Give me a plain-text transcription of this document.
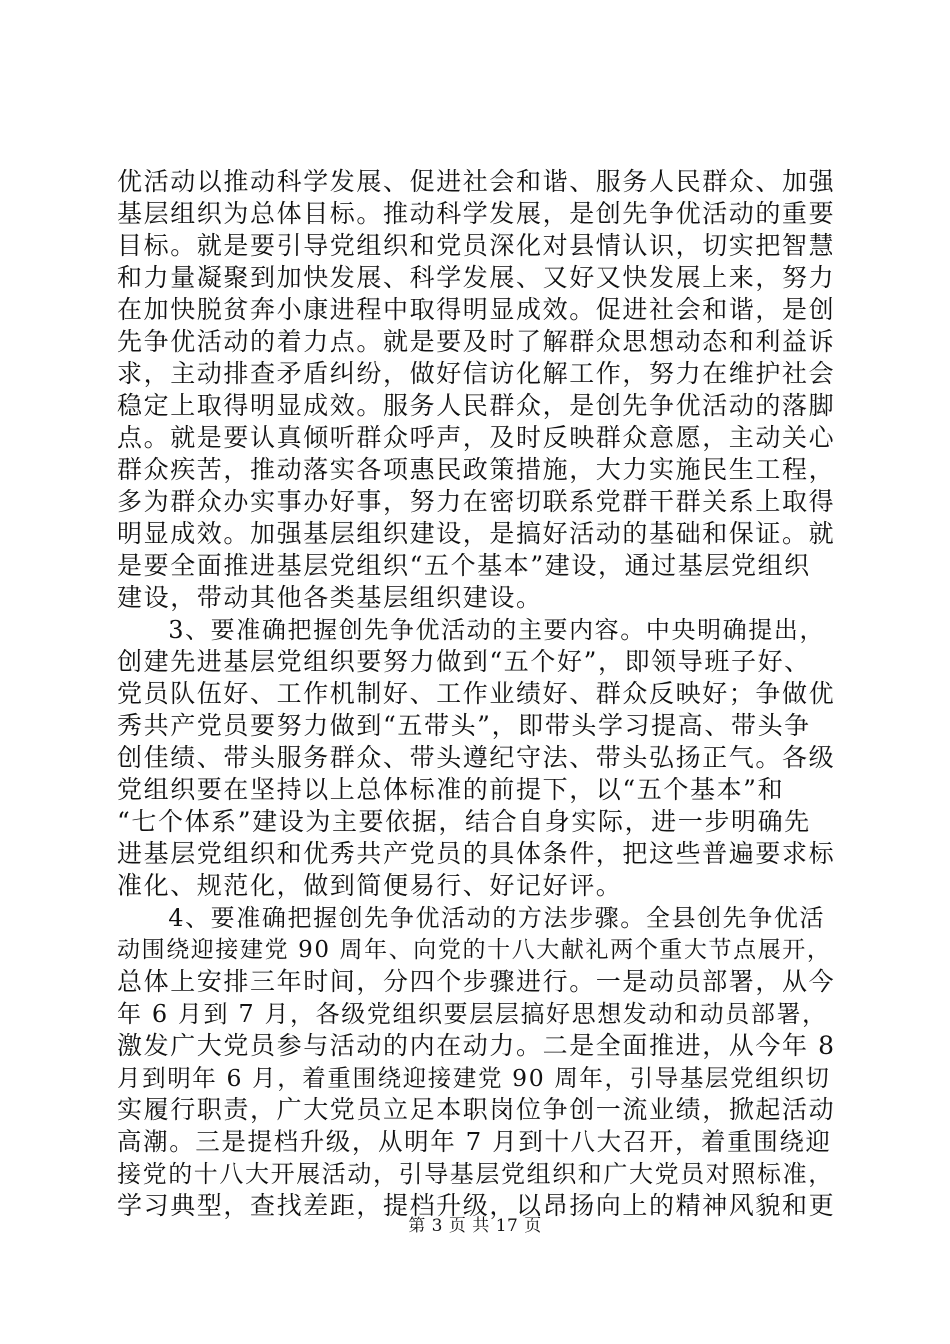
优活动以推动科学发展、促进社会和谐、服务人民群众、加强
基层组织为总体目标。推动科学发展，是创先争优活动的重要
目标。就是要引导党组织和党员深化对县情认识，切实把智慧
和力量凝聚到加快发展、科学发展、又好又快发展上来，努力
在加快脱贫奔小康进程中取得明显成效。促进社会和谐，是创
先争优活动的着力点。就是要及时了解群众思想动态和利益诉
求，主动排查矛盾纠纷，做好信访化解工作，努力在维护社会
稳定上取得明显成效。服务人民群众，是创先争优活动的落脚
点。就是要认真倾听群众呼声，及时反映群众意愿，主动关心
群众疾苦，推动落实各项惠民政策措施，大力实施民生工程，
多为群众办实事办好事，努力在密切联系党群干群关系上取得
明显成效。加强基层组织建设，是搞好活动的基础和保证。就
是要全面推进基层党组织“五个基本”建设，通过基层党组织
建设，带动其他各类基层组织建设。
　　3、要准确把握创先争优活动的主要内容。中央明确提出，
创建先进基层党组织要努力做到“五个好”，即领导班子好、
党员队伍好、工作机制好、工作业绩好、群众反映好；争做优
秀共产党员要努力做到“五带头”，即带头学习提高、带头争
创佳绩、带头服务群众、带头遵纪守法、带头弘扬正气。各级
党组织要在坚持以上总体标准的前提下，以“五个基本”和
“七个体系”建设为主要依据，结合自身实际，进一步明确先
进基层党组织和优秀共产党员的具体条件，把这些普遍要求标
准化、规范化，做到简便易行、好记好评。
　　4、要准确把握创先争优活动的方法步骤。全县创先争优活
动围绕迎接建党 90 周年、向党的十八大献礼两个重大节点展开，
总体上安排三年时间，分四个步骤进行。一是动员部署，从今
年 6 月到 7 月，各级党组织要层层搞好思想发动和动员部署，
激发广大党员参与活动的内在动力。二是全面推进，从今年 8
月到明年 6 月，着重围绕迎接建党 90 周年，引导基层党组织切
实履行职责，广大党员立足本职岗位争创一流业绩，掀起活动
高潮。三是提档升级，从明年 7 月到十八大召开，着重围绕迎
接党的十八大开展活动，引导基层党组织和广大党员对照标准，
学习典型，查找差距，提档升级，以昂扬向上的精神风貌和更
第 3 页 共 17 页
